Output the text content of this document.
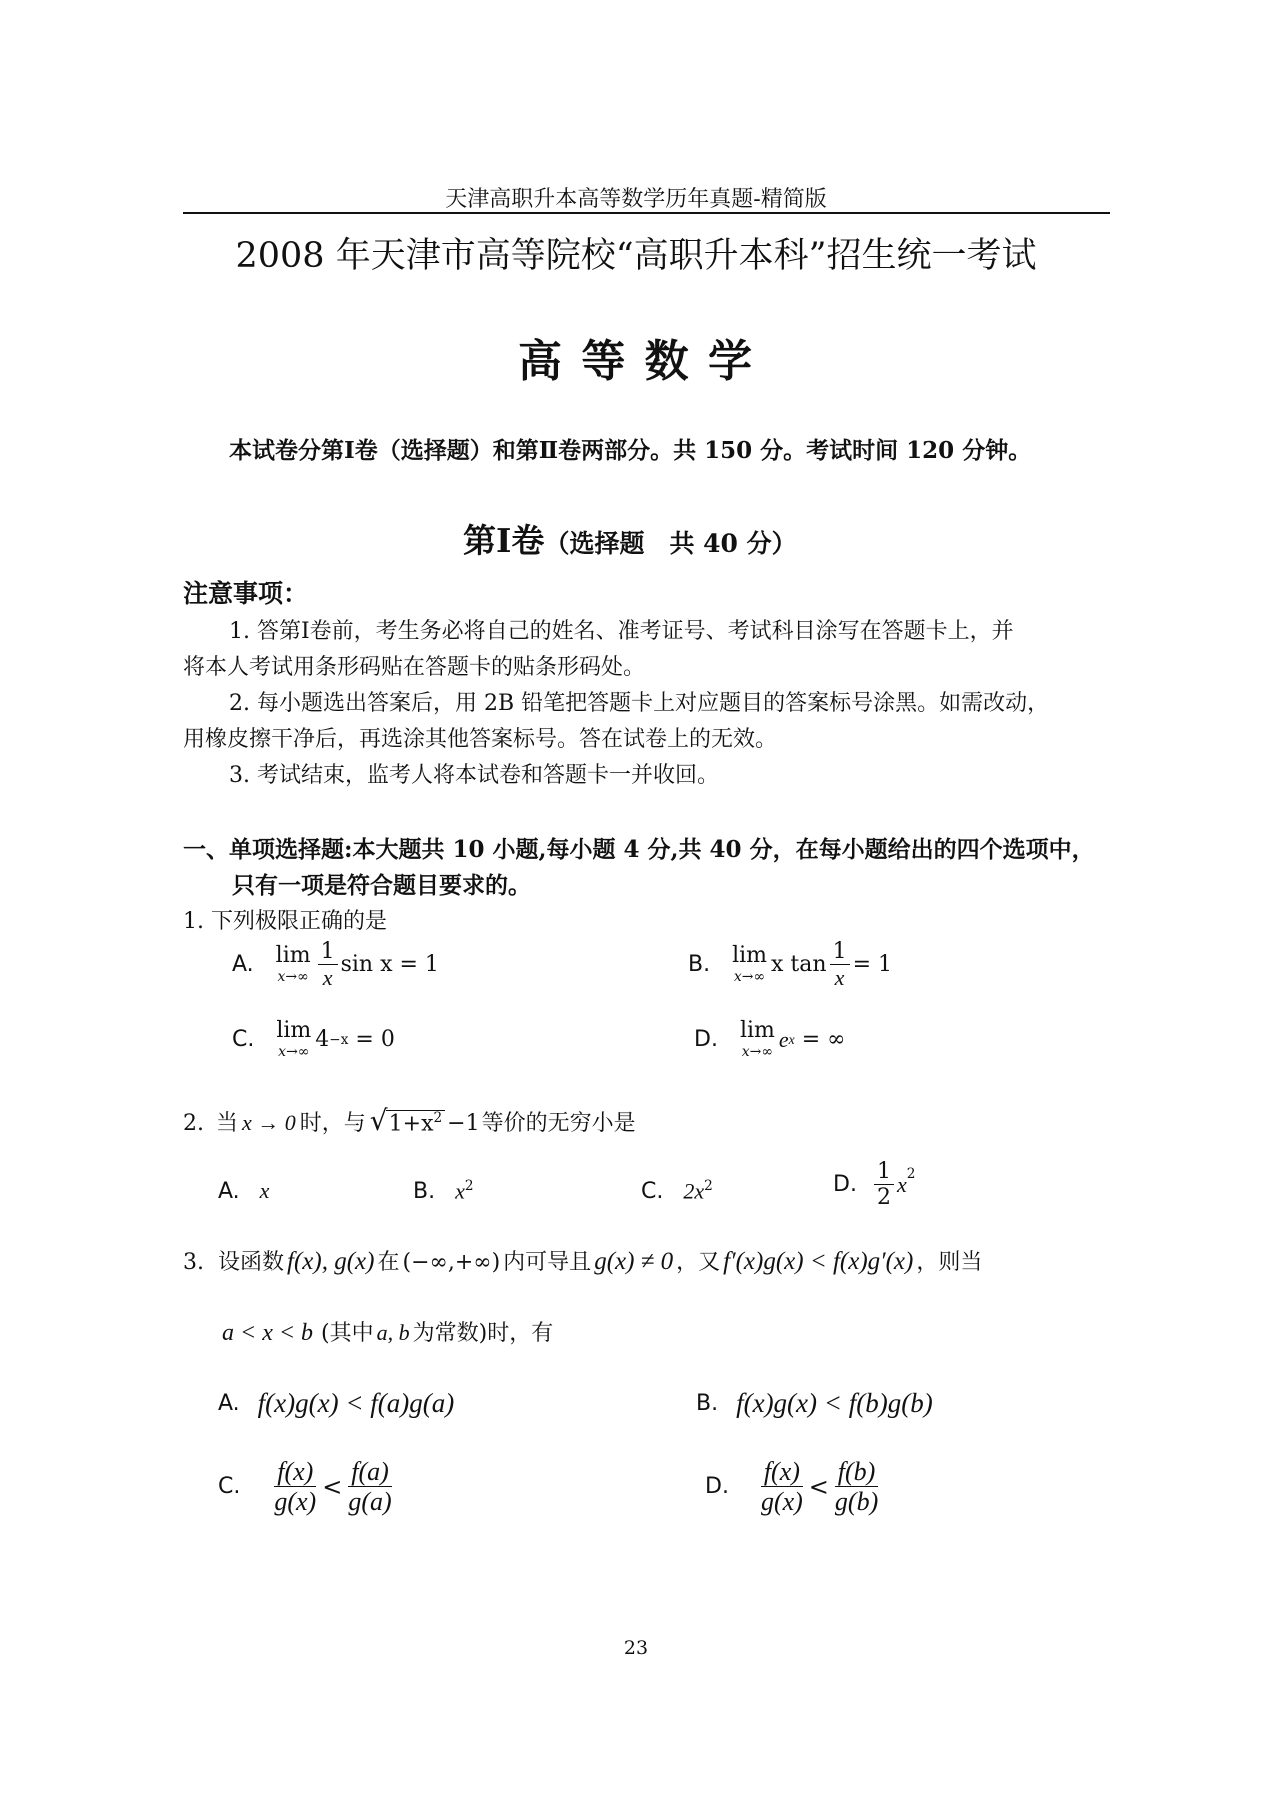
天津高职升本高等数学历年真题-精简版
2008 年天津市高等院校“高职升本科”招生统一考试
高 等 数 学
本试卷分第Ⅰ卷（选择题）和第Ⅱ卷两部分。共 150 分。考试时间 120 分钟。
第Ⅰ卷（选择题　共 40 分）
注意事项：
1. 答第Ⅰ卷前，考生务必将自己的姓名、准考证号、考试科目涂写在答题卡上，并
将本人考试用条形码贴在答题卡的贴条形码处。
2. 每小题选出答案后，用 2B 铅笔把答题卡上对应题目的答案标号涂黑。如需改动，
用橡皮擦干净后，再选涂其他答案标号。答在试卷上的无效。
3. 考试结束，监考人将本试卷和答题卡一并收回。
一、单项选择题:本大题共 10 小题,每小题 4 分,共 40 分，在每小题给出的四个选项中，
只有一项是符合题目要求的。
1. 下列极限正确的是
A. lim
$x\to\infty \frac{1}{x}$ sin x = 1	B. lim
x→∞ x $\tan \frac{1}{x} = 1$
C. lim
x→∞ 4 −x = 0	D. lim
x→∞
e x = ∞
2. 当 x → 0 时，与 √ $1+x^2 -1$ 等价的无穷小是
A. x	B. $x^2$	C. $2x^2$	D. $\frac{1}{2} x^2$
3. 设函数 f(x), g(x) 在 (−∞,+∞) 内可导且 g(x) ≠ 0 ，又 f′(x)g(x) < f(x)g′(x) ，则当
a < x < b (其中 a, b 为常数)时，有
A. f(x)g(x) < f(a)g(a)	B. f(x)g(x) < f(b)g(b)
C. $\frac{f(x)}{g(x)} < \frac{f(a)}{g(a)}$	D. $\frac{f(x)}{g(x)} < \frac{f(b)}{g(b)}$
23
